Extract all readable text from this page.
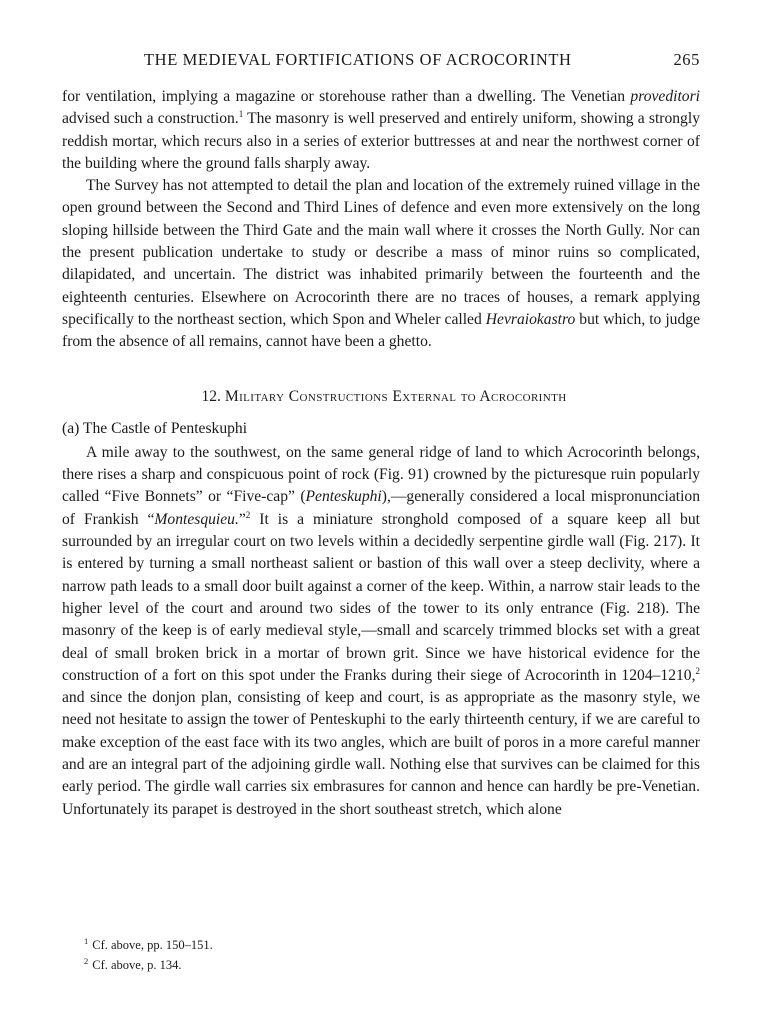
THE MEDIEVAL FORTIFICATIONS OF ACROCORINTH	265

for ventilation, implying a magazine or storehouse rather than a dwelling. The Venetian proveditori advised such a construction.$^1$ The masonry is well preserved and entirely uniform, showing a strongly reddish mortar, which recurs also in a series of exterior buttresses at and near the northwest corner of the building where the ground falls sharply away.

The Survey has not attempted to detail the plan and location of the extremely ruined village in the open ground between the Second and Third Lines of defence and even more extensively on the long sloping hillside between the Third Gate and the main wall where it crosses the North Gully. Nor can the present publication undertake to study or describe a mass of minor ruins so complicated, dilapidated, and uncertain. The district was inhabited primarily between the fourteenth and the eighteenth centuries. Elsewhere on Acrocorinth there are no traces of houses, a remark applying specifically to the northeast section, which Spon and Wheler called Hevraiokastro but which, to judge from the absence of all remains, cannot have been a ghetto.

12. Military Constructions External to Acrocorinth
(a) The Castle of Penteskuphi

A mile away to the southwest, on the same general ridge of land to which Acrocorinth belongs, there rises a sharp and conspicuous point of rock (Fig. 91) crowned by the picturesque ruin popularly called “Five Bonnets” or “Five-cap” (Penteskuphi),—generally considered a local mispronunciation of Frankish “Montesquieu.”$^2$ It is a miniature stronghold composed of a square keep all but surrounded by an irregular court on two levels within a decidedly serpentine girdle wall (Fig. 217). It is entered by turning a small northeast salient or bastion of this wall over a steep declivity, where a narrow path leads to a small door built against a corner of the keep. Within, a narrow stair leads to the higher level of the court and around two sides of the tower to its only entrance (Fig. 218). The masonry of the keep is of early medieval style,—small and scarcely trimmed blocks set with a great deal of small broken brick in a mortar of brown grit. Since we have historical evidence for the construction of a fort on this spot under the Franks during their siege of Acrocorinth in 1204–1210,$^2$ and since the donjon plan, consisting of keep and court, is as appropriate as the masonry style, we need not hesitate to assign the tower of Penteskuphi to the early thirteenth century, if we are careful to make exception of the east face with its two angles, which are built of poros in a more careful manner and are an integral part of the adjoining girdle wall. Nothing else that survives can be claimed for this early period. The girdle wall carries six embrasures for cannon and hence can hardly be pre-Venetian. Unfortunately its parapet is destroyed in the short southeast stretch, which alone

$^1$ Cf. above, pp. 150–151.
$^2$ Cf. above, p. 134.
